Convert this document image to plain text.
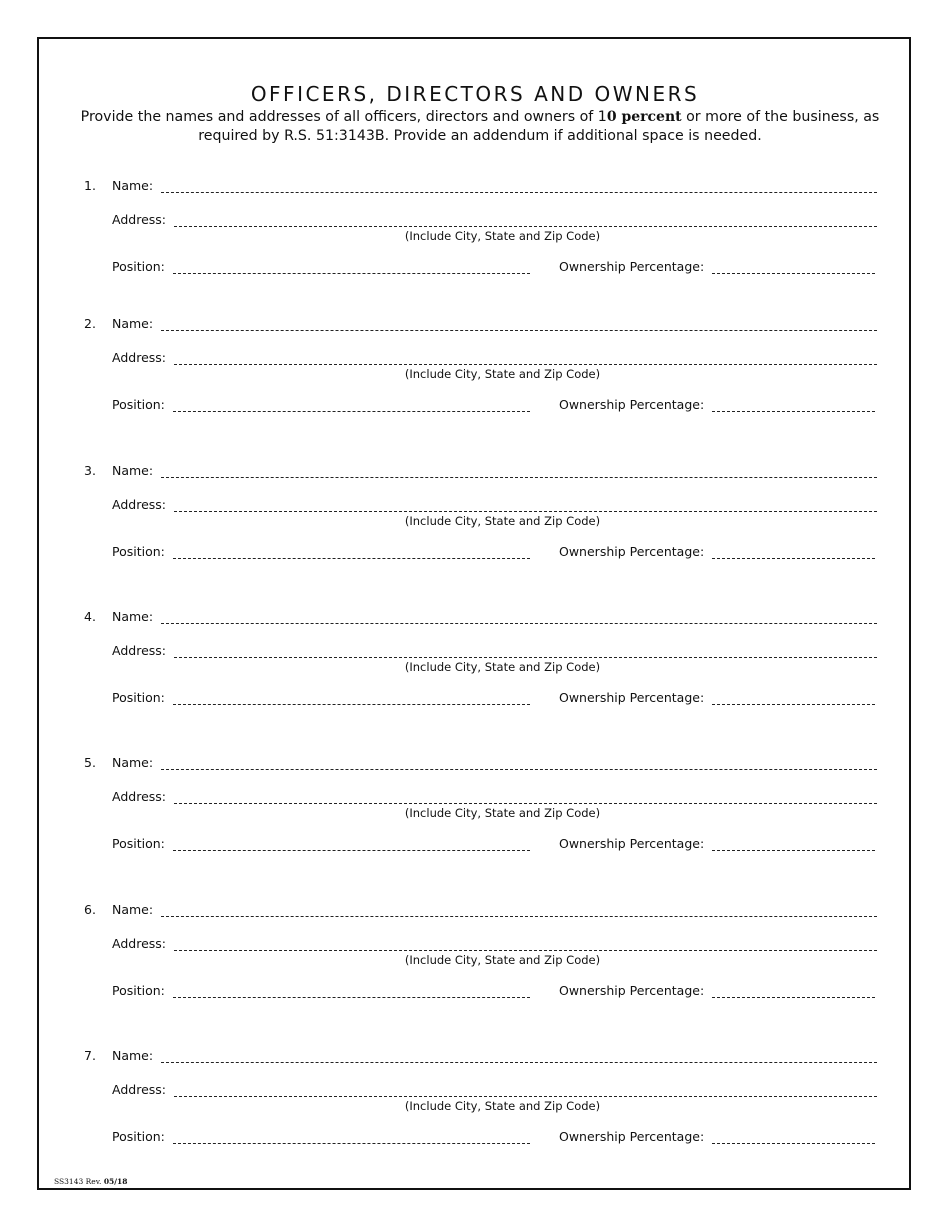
OFFICERS, DIRECTORS AND OWNERS
Provide the names and addresses of all officers, directors and owners of 10 percent or more of the business, as required by R.S. 51:3143B. Provide an addendum if additional space is needed.
1.	Name:
Address:
(Include City, State and Zip Code)
Position:	Ownership Percentage:
2.	Name:
Address:
(Include City, State and Zip Code)
Position:	Ownership Percentage:
3.	Name:
Address:
(Include City, State and Zip Code)
Position:	Ownership Percentage:
4.	Name:
Address:
(Include City, State and Zip Code)
Position:	Ownership Percentage:
5.	Name:
Address:
(Include City, State and Zip Code)
Position:	Ownership Percentage:
6.	Name:
Address:
(Include City, State and Zip Code)
Position:	Ownership Percentage:
7.	Name:
Address:
(Include City, State and Zip Code)
Position:	Ownership Percentage:
SS3143 Rev. 05/18
